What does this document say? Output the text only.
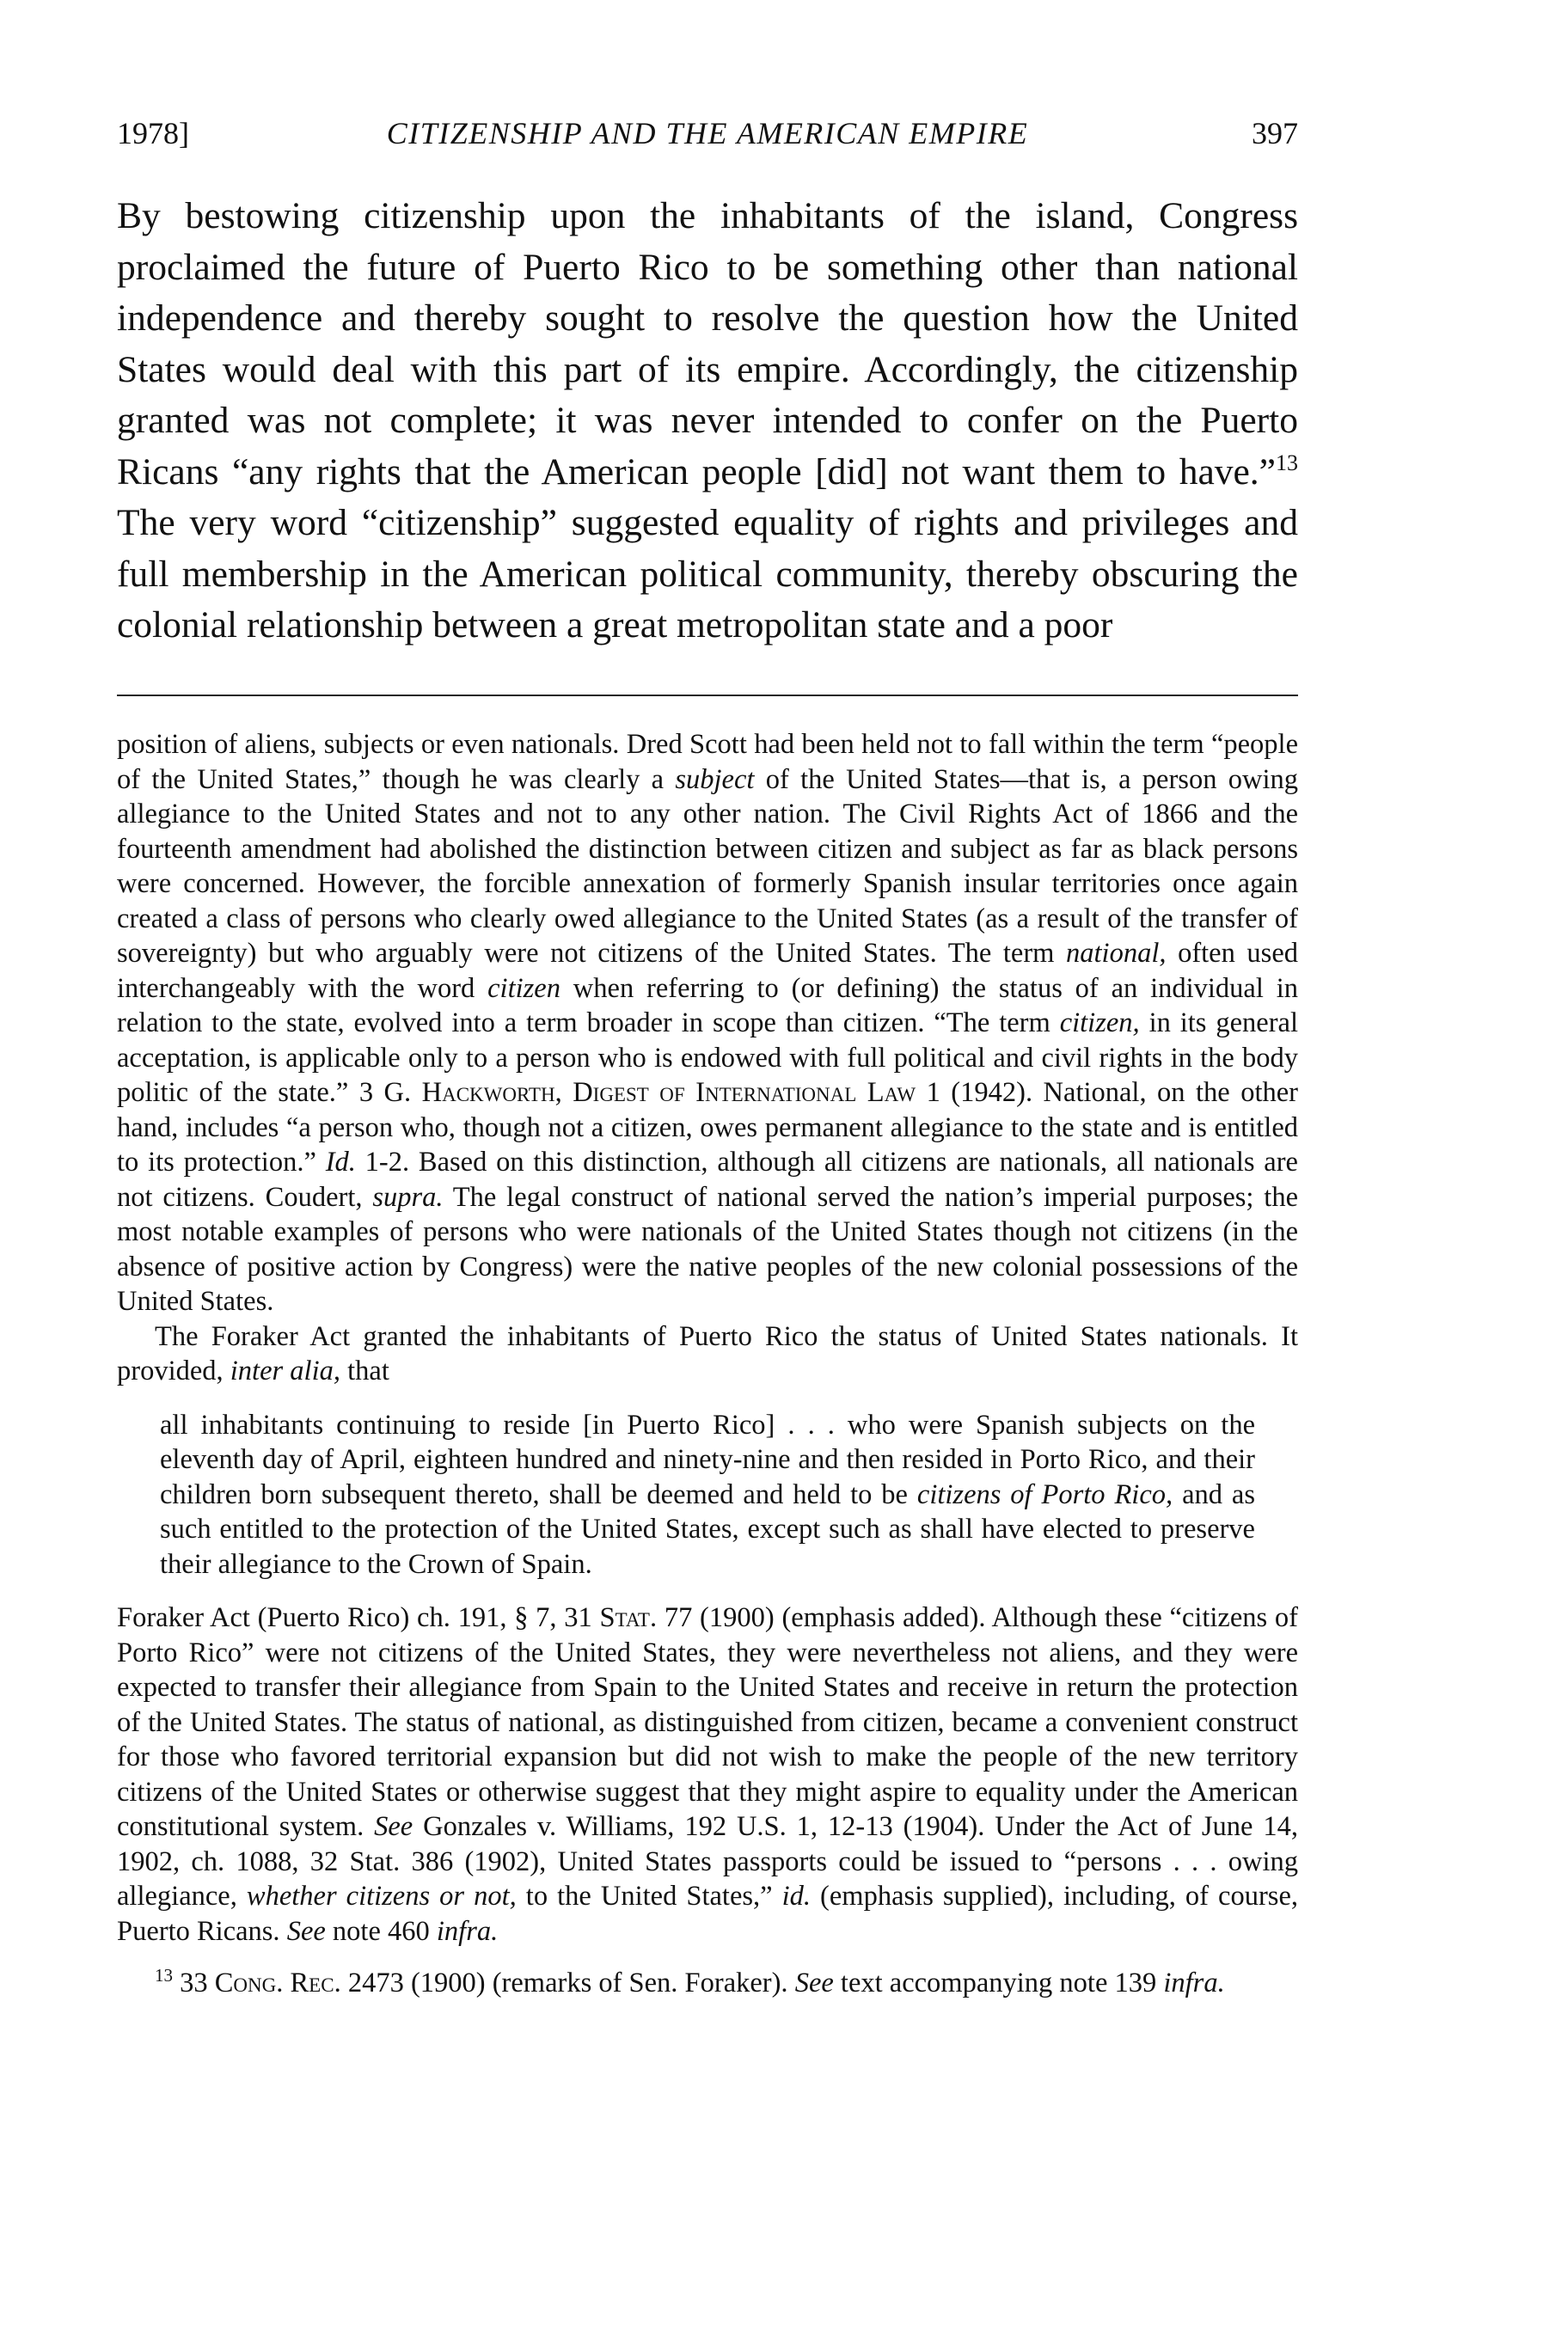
1978]	CITIZENSHIP AND THE AMERICAN EMPIRE	397

By bestowing citizenship upon the inhabitants of the island, Congress proclaimed the future of Puerto Rico to be something other than national independence and thereby sought to resolve the question how the United States would deal with this part of its empire. Accordingly, the citizenship granted was not complete; it was never intended to confer on the Puerto Ricans “any rights that the American people [did] not want them to have.”$^{13}$ The very word “citizenship” suggested equality of rights and privileges and full membership in the American political community, thereby obscuring the colonial relationship between a great metropolitan state and a poor

position of aliens, subjects or even nationals. Dred Scott had been held not to fall within the term “people of the United States,” though he was clearly a subject of the United States—that is, a person owing allegiance to the United States and not to any other nation. The Civil Rights Act of 1866 and the fourteenth amendment had abolished the distinction between citizen and subject as far as black persons were concerned. However, the forcible annexation of formerly Spanish insular territories once again created a class of persons who clearly owed allegiance to the United States (as a result of the transfer of sovereignty) but who arguably were not citizens of the United States. The term national, often used interchangeably with the word citizen when referring to (or defining) the status of an individual in relation to the state, evolved into a term broader in scope than citizen. “The term citizen, in its general acceptation, is applicable only to a person who is endowed with full political and civil rights in the body politic of the state.” 3 G. Hackworth, Digest of International Law 1 (1942). National, on the other hand, includes “a person who, though not a citizen, owes permanent allegiance to the state and is entitled to its protection.” Id. 1-2. Based on this distinction, although all citizens are nationals, all nationals are not citizens. Coudert, supra. The legal construct of national served the nation’s imperial purposes; the most notable examples of persons who were nationals of the United States though not citizens (in the absence of positive action by Congress) were the native peoples of the new colonial possessions of the United States.

The Foraker Act granted the inhabitants of Puerto Rico the status of United States nationals. It provided, inter alia, that

all inhabitants continuing to reside [in Puerto Rico] . . . who were Spanish subjects on the eleventh day of April, eighteen hundred and ninety-nine and then resided in Porto Rico, and their children born subsequent thereto, shall be deemed and held to be citizens of Porto Rico, and as such entitled to the protection of the United States, except such as shall have elected to preserve their allegiance to the Crown of Spain.

Foraker Act (Puerto Rico) ch. 191, § 7, 31 Stat. 77 (1900) (emphasis added). Although these “citizens of Porto Rico” were not citizens of the United States, they were nevertheless not aliens, and they were expected to transfer their allegiance from Spain to the United States and receive in return the protection of the United States. The status of national, as distinguished from citizen, became a convenient construct for those who favored territorial expansion but did not wish to make the people of the new territory citizens of the United States or otherwise suggest that they might aspire to equality under the American constitutional system. See Gonzales v. Williams, 192 U.S. 1, 12-13 (1904). Under the Act of June 14, 1902, ch. 1088, 32 Stat. 386 (1902), United States passports could be issued to “persons . . . owing allegiance, whether citizens or not, to the United States,” id. (emphasis supplied), including, of course, Puerto Ricans. See note 460 infra.

$^{13}$ 33 Cong. Rec. 2473 (1900) (remarks of Sen. Foraker). See text accompanying note 139 infra.
